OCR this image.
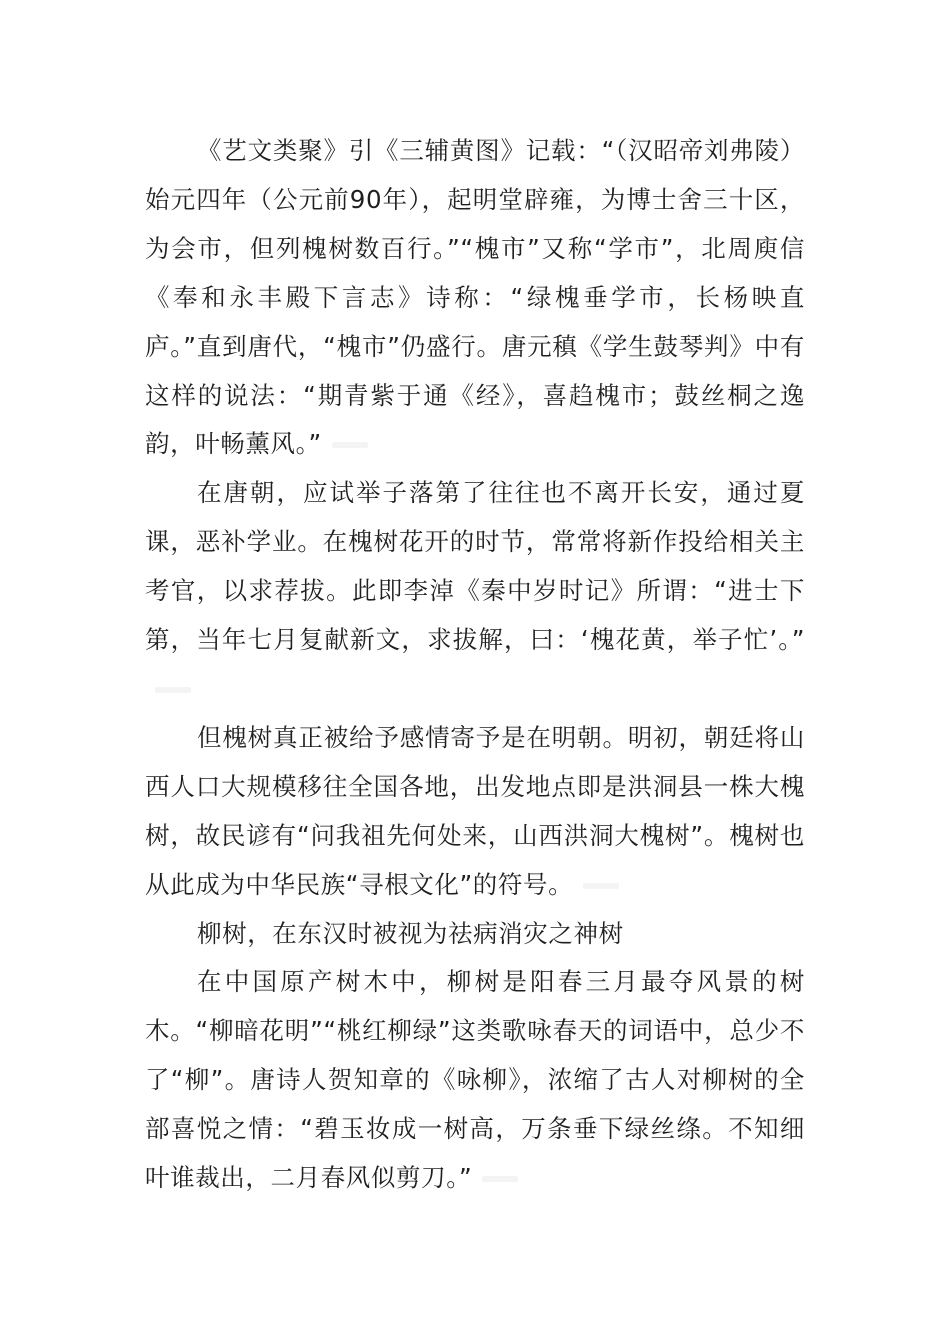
《艺文类聚》引《三辅黄图》记载：“（汉昭帝刘弗陵）始元四年（公元前90年），起明堂辟雍，为博士舍三十区，为会市，但列槐树数百行。”“槐市”又称“学市”，北周庾信《奉和永丰殿下言志》诗称：“绿槐垂学市，长杨映直庐。”直到唐代，“槐市”仍盛行。唐元稹《学生鼓琴判》中有这样的说法：“期青紫于通《经》，喜趋槐市；鼓丝桐之逸韵，叶畅薰风。”

在唐朝，应试举子落第了往往也不离开长安，通过夏课，恶补学业。在槐树花开的时节，常常将新作投给相关主考官，以求荐拔。此即李淖《秦中岁时记》所谓：“进士下第，当年七月复献新文，求拔解，曰：‘槐花黄，举子忙’。”

但槐树真正被给予感情寄予是在明朝。明初，朝廷将山西人口大规模移往全国各地，出发地点即是洪洞县一株大槐树，故民谚有“问我祖先何处来，山西洪洞大槐树”。槐树也从此成为中华民族“寻根文化”的符号。

柳树，在东汉时被视为祛病消灾之神树

在中国原产树木中，柳树是阳春三月最夺风景的树木。“柳暗花明”“桃红柳绿”这类歌咏春天的词语中，总少不了“柳”。唐诗人贺知章的《咏柳》，浓缩了古人对柳树的全部喜悦之情：“碧玉妆成一树高，万条垂下绿丝绦。不知细叶谁裁出，二月春风似剪刀。”
